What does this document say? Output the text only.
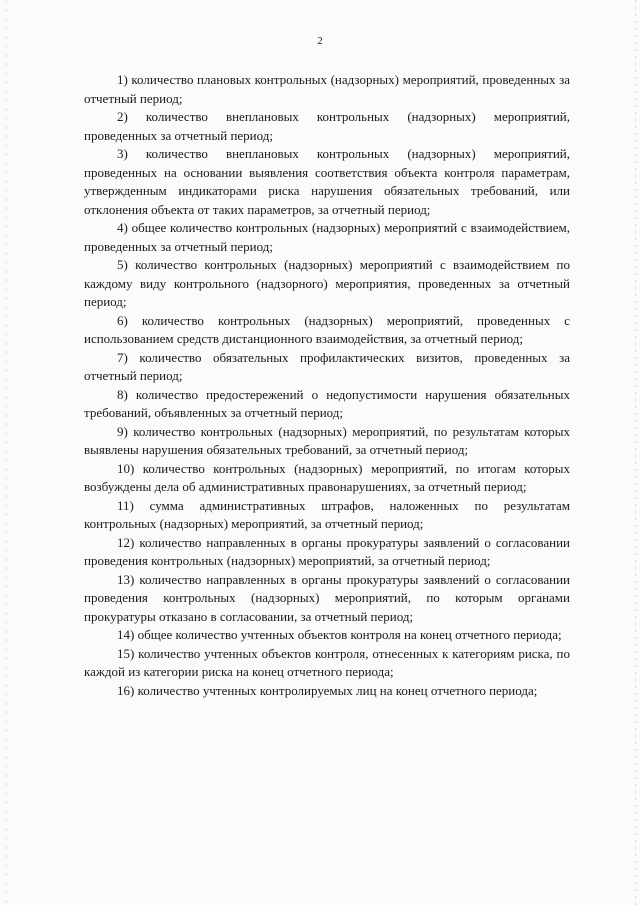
2

1) количество плановых контрольных (надзорных) мероприятий, проведенных за отчетный период;

2) количество внеплановых контрольных (надзорных) мероприятий, проведенных за отчетный период;

3) количество внеплановых контрольных (надзорных) мероприятий, проведенных на основании выявления соответствия объекта контроля параметрам, утвержденным индикаторами риска нарушения обязательных требований, или отклонения объекта от таких параметров, за отчетный период;

4) общее количество контрольных (надзорных) мероприятий с взаимодействием, проведенных за отчетный период;

5) количество контрольных (надзорных) мероприятий с взаимодействием по каждому виду контрольного (надзорного) мероприятия, проведенных за отчетный период;

6) количество контрольных (надзорных) мероприятий, проведенных с использованием средств дистанционного взаимодействия, за отчетный период;

7) количество обязательных профилактических визитов, проведенных за отчетный период;

8) количество предостережений о недопустимости нарушения обязательных требований, объявленных за отчетный период;

9) количество контрольных (надзорных) мероприятий, по результатам которых выявлены нарушения обязательных требований, за отчетный период;

10) количество контрольных (надзорных) мероприятий, по итогам которых возбуждены дела об административных правонарушениях, за отчетный период;

11) сумма административных штрафов, наложенных по результатам контрольных (надзорных) мероприятий, за отчетный период;

12) количество направленных в органы прокуратуры заявлений о согласовании проведения контрольных (надзорных) мероприятий, за отчетный период;

13) количество направленных в органы прокуратуры заявлений о согласовании проведения контрольных (надзорных) мероприятий, по которым органами прокуратуры отказано в согласовании, за отчетный период;

14) общее количество учтенных объектов контроля на конец отчетного периода;

15) количество учтенных объектов контроля, отнесенных к категориям риска, по каждой из категории риска на конец отчетного периода;

16) количество учтенных контролируемых лиц на конец отчетного периода;
